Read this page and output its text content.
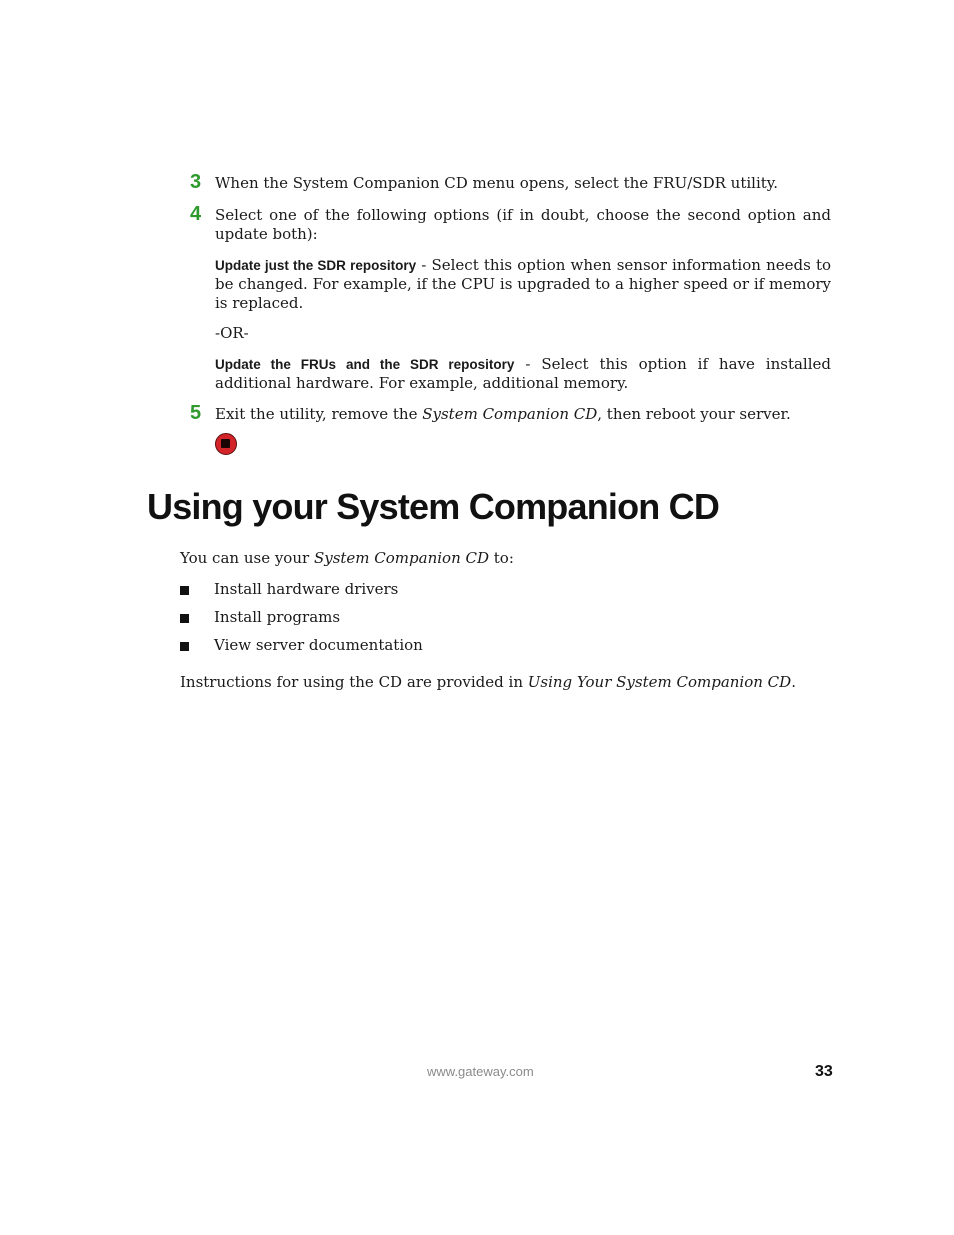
3 When the System Companion CD menu opens, select the FRU/SDR utility.
4 Select one of the following options (if in doubt, choose the second option and update both):
Update just the SDR repository - Select this option when sensor information needs to be changed. For example, if the CPU is upgraded to a higher speed or if memory is replaced.
-OR-
Update the FRUs and the SDR repository - Select this option if have installed additional hardware. For example, additional memory.
5 Exit the utility, remove the System Companion CD, then reboot your server.
Using your System Companion CD
You can use your System Companion CD to:
Install hardware drivers
Install programs
View server documentation
Instructions for using the CD are provided in Using Your System Companion CD.
www.gateway.com	33
